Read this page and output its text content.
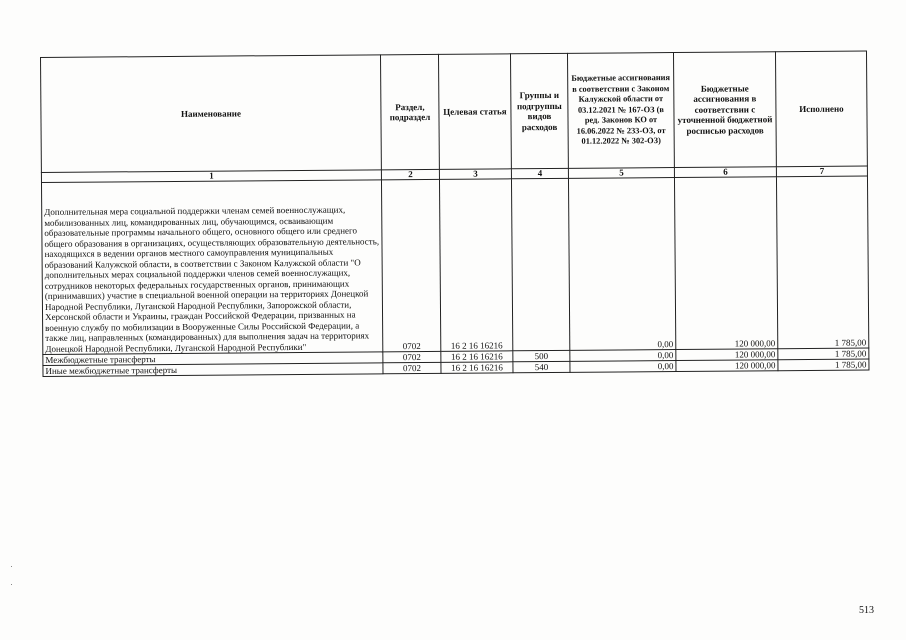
Наименование	Раздел, подраздел	Целевая статья	Группы и подгруппы видов расходов	Бюджетные ассигнования в соответствии с Законом Калужской области от 03.12.2021 № 167-ОЗ (в ред. Законов КО от 16.06.2022 № 233-ОЗ, от 01.12.2022 № 302-ОЗ)	Бюджетные ассигнования в соответствии с уточненной бюджетной росписью расходов	Исполнено
1	2	3	4	5	6	7
Дополнительная мера социальной поддержки членам семей военнослужащих, мобилизованных лиц, командированных лиц, обучающимся, осваивающим образовательные программы начального общего, основного общего или среднего общего образования в организациях, осуществляющих образовательную деятельность, находящихся в ведении органов местного самоуправления муниципальных образований Калужской области, в соответствии с Законом Калужской области "О дополнительных мерах социальной поддержки членов семей военнослужащих, сотрудников некоторых федеральных государственных органов, принимающих (принимавших) участие в специальной военной операции на территориях Донецкой Народной Республики, Луганской Народной Республики, Запорожской области, Херсонской области и Украины, граждан Российской Федерации, призванных на военную службу по мобилизации в Вооруженные Силы Российской Федерации, а также лиц, направленных (командированных) для выполнения задач на территориях Донецкой Народной Республики, Луганской Народной Республики"	0702	16 2 16 16216		0,00	120 000,00	1 785,00
Межбюджетные трансферты	0702	16 2 16 16216	500	0,00	120 000,00	1 785,00
Иные межбюджетные трансферты	0702	16 2 16 16216	540	0,00	120 000,00	1 785,00
513
